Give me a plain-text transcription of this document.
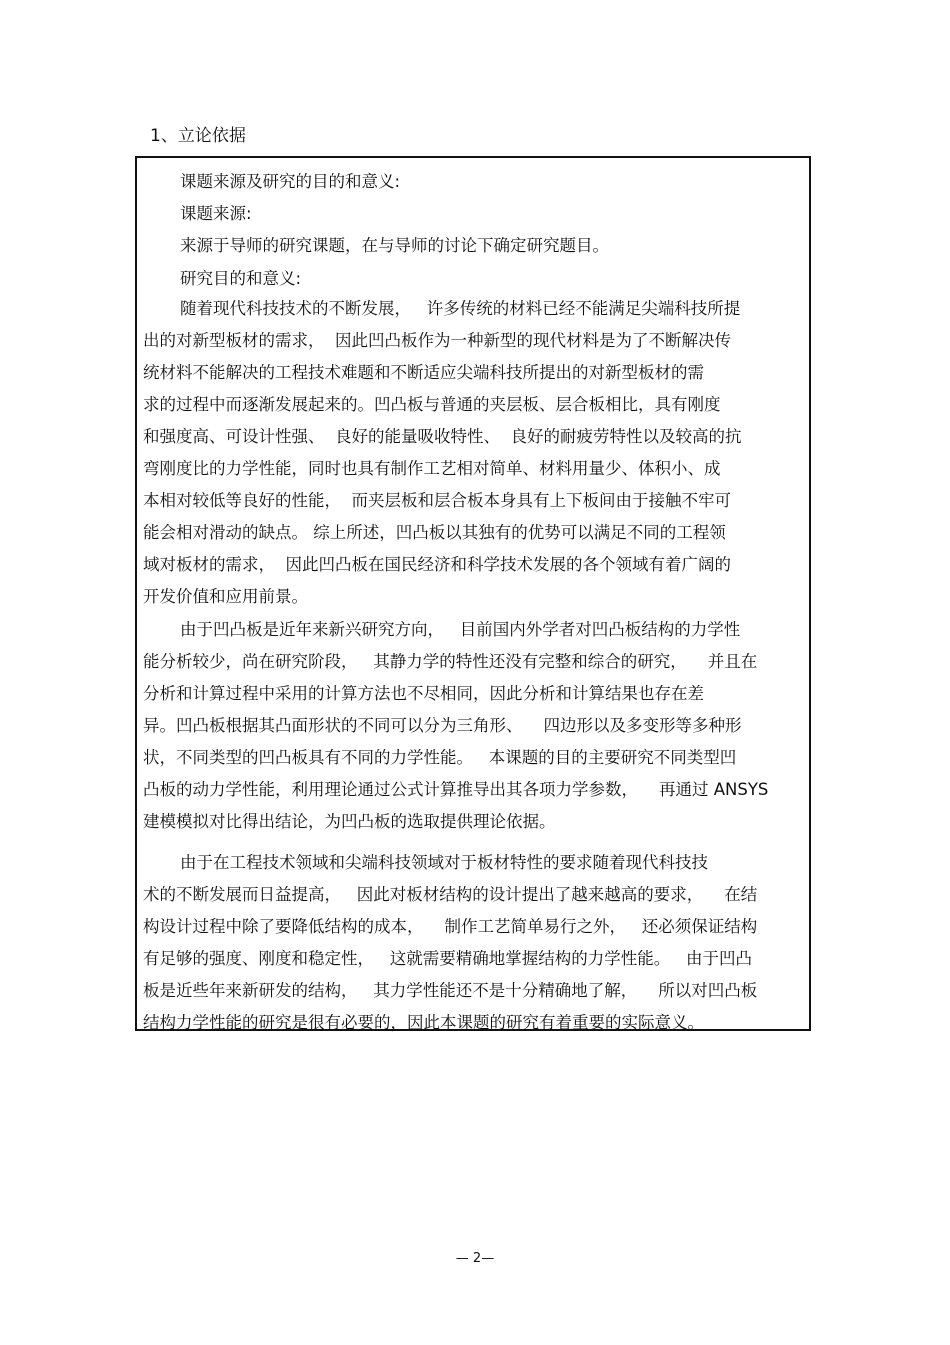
1、立论依据

课题来源及研究的目的和意义:

课题来源:

来源于导师的研究课题，在与导师的讨论下确定研究题目。

研究目的和意义:

随着现代科技技术的不断发展，   许多传统的材料已经不能满足尖端科技所提

出的对新型板材的需求，  因此凹凸板作为一种新型的现代材料是为了不断解决传

统材料不能解决的工程技术难题和不断适应尖端科技所提出的对新型板材的需

求的过程中而逐渐发展起来的。凹凸板与普通的夹层板、层合板相比，具有刚度

和强度高、可设计性强、  良好的能量吸收特性、  良好的耐疲劳特性以及较高的抗

弯刚度比的力学性能，同时也具有制作工艺相对简单、材料用量少、体积小、成

本相对较低等良好的性能，  而夹层板和层合板本身具有上下板间由于接触不牢可

能会相对滑动的缺点。 综上所述，凹凸板以其独有的优势可以满足不同的工程领

域对板材的需求，  因此凹凸板在国民经济和科学技术发展的各个领域有着广阔的

开发价值和应用前景。

由于凹凸板是近年来新兴研究方向，   目前国内外学者对凹凸板结构的力学性

能分析较少，尚在研究阶段，   其静力学的特性还没有完整和综合的研究，    并且在

分析和计算过程中采用的计算方法也不尽相同，因此分析和计算结果也存在差

异。凹凸板根据其凸面形状的不同可以分为三角形、    四边形以及多变形等多种形

状，不同类型的凹凸板具有不同的力学性能。   本课题的目的主要研究不同类型凹

凸板的动力学性能，利用理论通过公式计算推导出其各项力学参数，    再通过 ANSYS

建模模拟对比得出结论，为凹凸板的选取提供理论依据。

由于在工程技术领域和尖端科技领域对于板材特性的要求随着现代科技技

术的不断发展而日益提高，   因此对板材结构的设计提出了越来越高的要求，    在结

构设计过程中除了要降低结构的成本，    制作工艺简单易行之外，   还必须保证结构

有足够的强度、刚度和稳定性，   这就需要精确地掌握结构的力学性能。   由于凹凸

板是近些年来新研发的结构，   其力学性能还不是十分精确地了解，    所以对凹凸板

结构力学性能的研究是很有必要的，因此本课题的研究有着重要的实际意义。

— 2—
